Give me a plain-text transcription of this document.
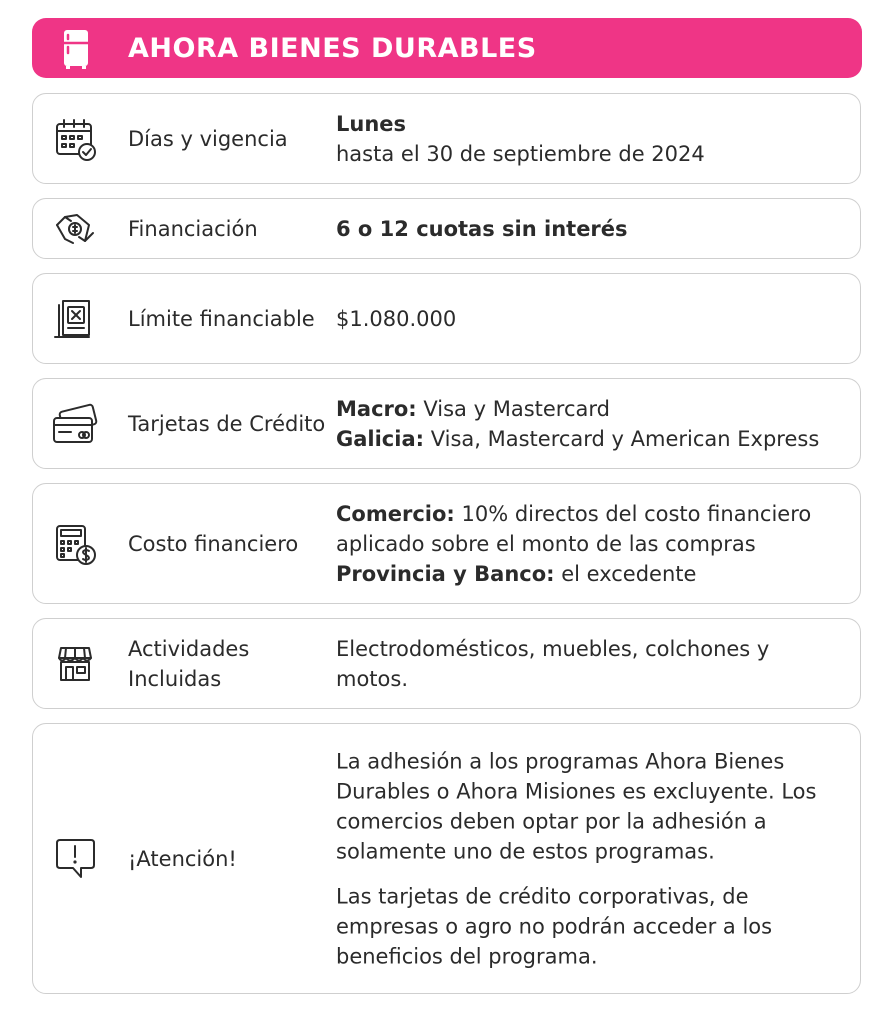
AHORA BIENES DURABLES
Días y vigencia
Lunes
hasta el 30 de septiembre de 2024
Financiación	6 o 12 cuotas sin interés
Límite financiable	$1.080.000
Tarjetas de Crédito
Macro: Visa y Mastercard
Galicia: Visa, Mastercard y American Express
Costo financiero
Comercio: 10% directos del costo financiero aplicado sobre el monto de las compras
Provincia y Banco: el excedente
Actividades Incluidas
Electrodomésticos, muebles, colchones y motos.
¡Atención!
La adhesión a los programas Ahora Bienes Durables o Ahora Misiones es excluyente. Los comercios deben optar por la adhesión a solamente uno de estos programas.
Las tarjetas de crédito corporativas, de empresas o agro no podrán acceder a los beneficios del programa.
